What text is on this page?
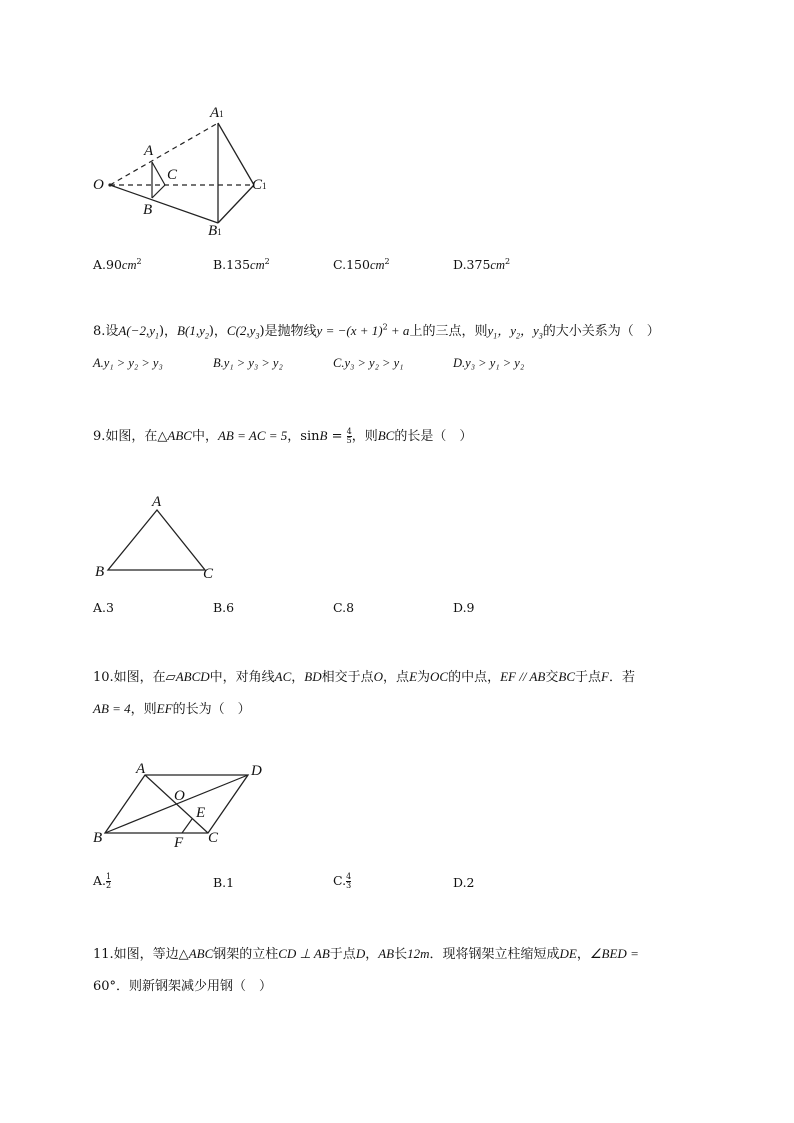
A1
A
C
O	C1
B
B1
$A.90cm^2$	$B.135cm^2$	$C.150cm^2$	$D.375cm^2$
8.设$A(-2,y_1)$，$B(1,y_2)$，$C(2,y_3)$是抛物线$y = -(x + 1)^2 + a$上的三点，则$y_1$，$y_2$，$y_3$的大小关系为（　）
A.y₁ > y₂ > y₃	B.y₁ > y₃ > y₂	C.y₃ > y₂ > y₁	D.y₃ > y₁ > y₂
9.如图，在△ABC中，AB = AC = 5，$\sin B = \frac{4}{5}$ ，则BC的长是（　）
A
B	C
A.3	B.6	C.8	D.9
10.如图，在▱ABCD中，对角线AC，BD相交于点O，点E为OC的中点，EF // AB交BC于点F．若
AB = 4，则EF的长为（　）
A	D
O
E
B	F C
A. $\frac{1}{2}$	B.1	C. $\frac{4}{3}$	D.2
11.如图，等边△ABC钢架的立柱CD ⊥ AB于点D，AB长12m．现将钢架立柱缩短成DE，∠BED =
60°．则新钢架减少用钢（　）
